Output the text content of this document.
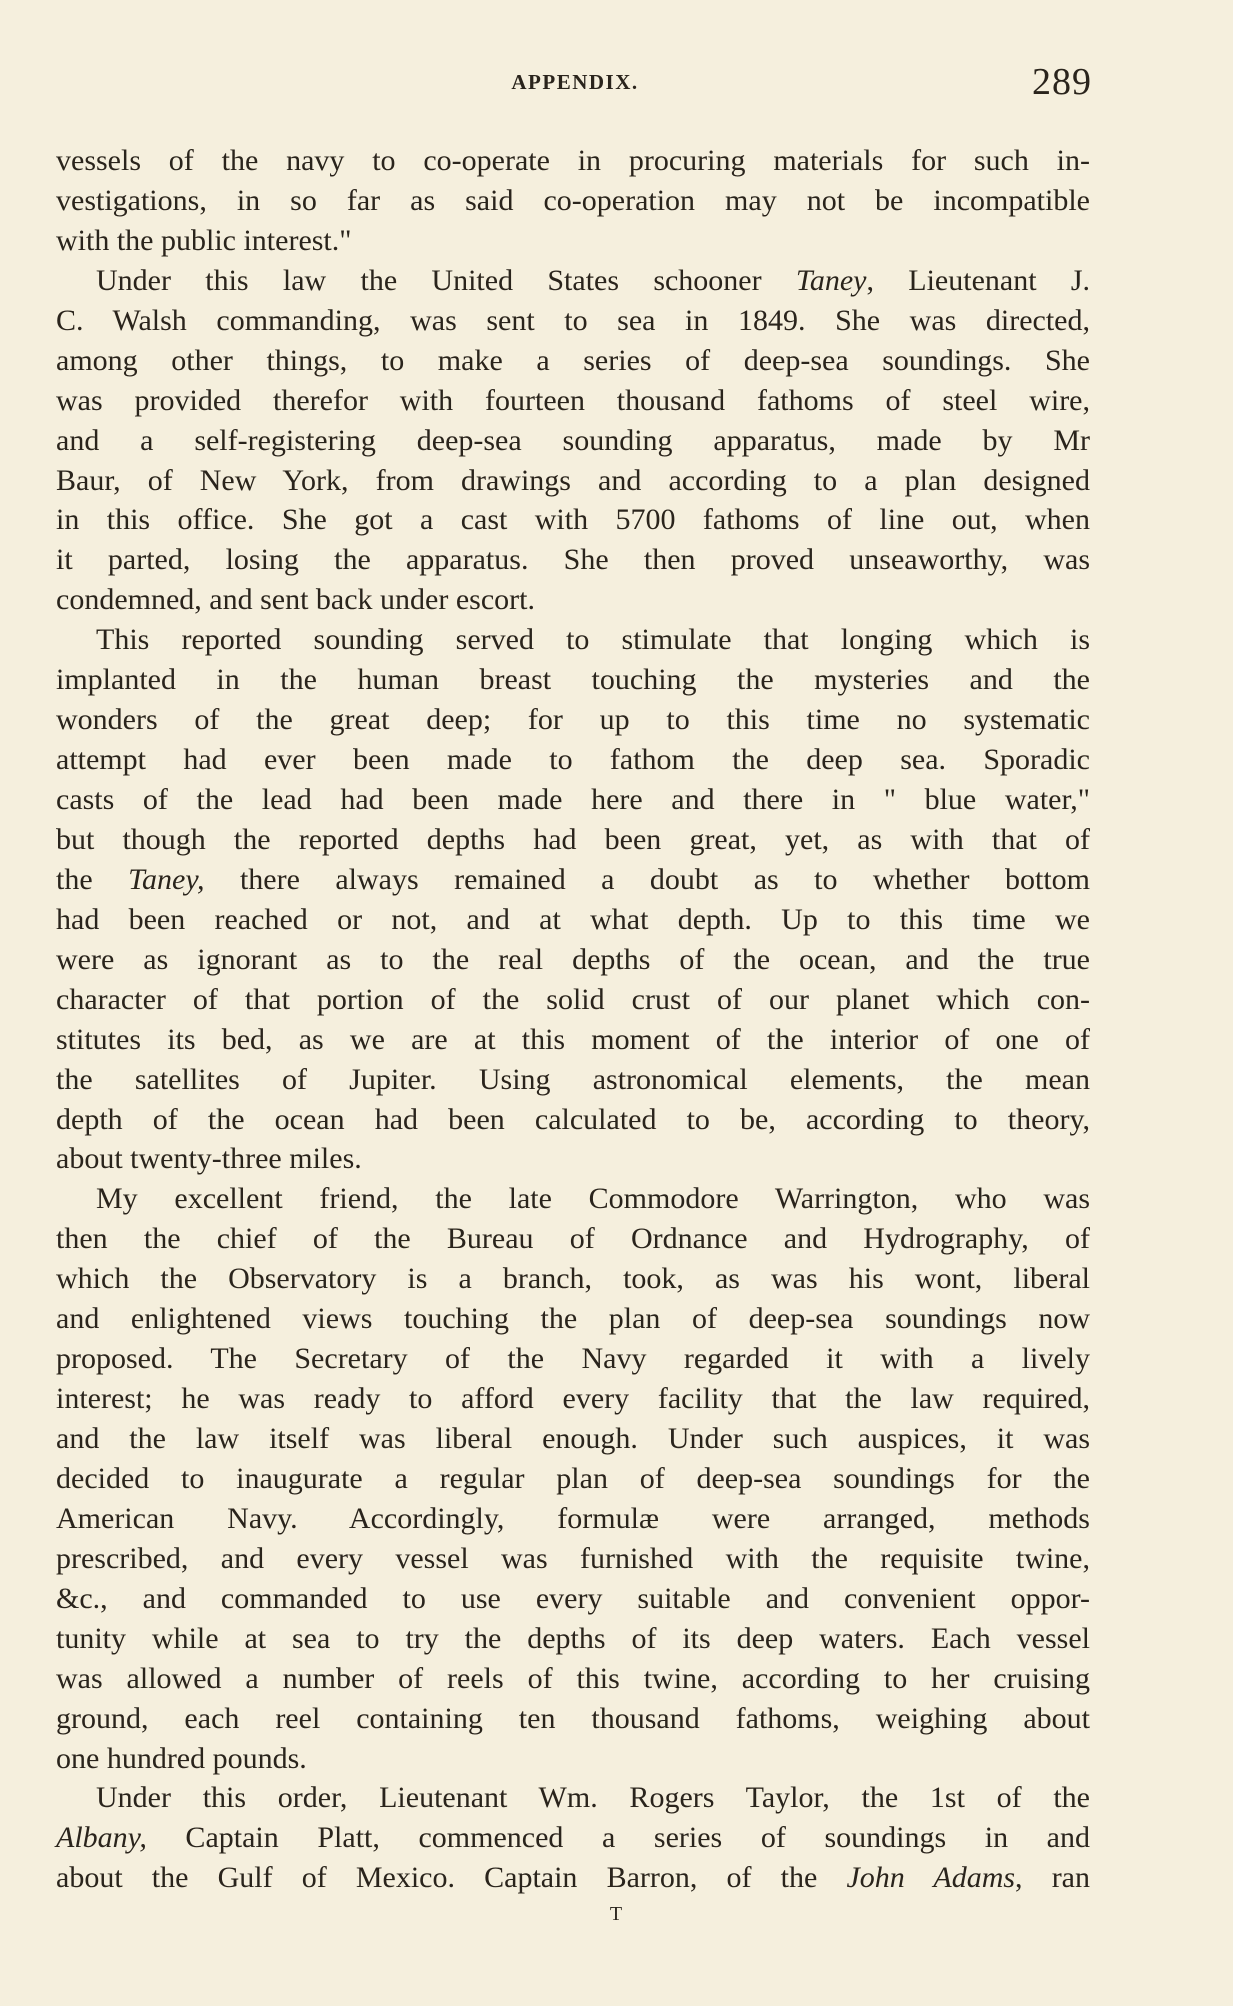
APPENDIX.	289
vessels of the navy to co-operate in procuring materials for such in-
vestigations, in so far as said co-operation may not be incompatible
with the public interest."
Under this law the United States schooner Taney, Lieutenant J.
C. Walsh commanding, was sent to sea in 1849. She was directed,
among other things, to make a series of deep-sea soundings. She
was provided therefor with fourteen thousand fathoms of steel wire,
and a self-registering deep-sea sounding apparatus, made by Mr
Baur, of New York, from drawings and according to a plan designed
in this office. She got a cast with 5700 fathoms of line out, when
it parted, losing the apparatus. She then proved unseaworthy, was
condemned, and sent back under escort.
This reported sounding served to stimulate that longing which is
implanted in the human breast touching the mysteries and the
wonders of the great deep; for up to this time no systematic
attempt had ever been made to fathom the deep sea. Sporadic
casts of the lead had been made here and there in " blue water,"
but though the reported depths had been great, yet, as with that of
the Taney, there always remained a doubt as to whether bottom
had been reached or not, and at what depth. Up to this time we
were as ignorant as to the real depths of the ocean, and the true
character of that portion of the solid crust of our planet which con-
stitutes its bed, as we are at this moment of the interior of one of
the satellites of Jupiter. Using astronomical elements, the mean
depth of the ocean had been calculated to be, according to theory,
about twenty-three miles.
My excellent friend, the late Commodore Warrington, who was
then the chief of the Bureau of Ordnance and Hydrography, of
which the Observatory is a branch, took, as was his wont, liberal
and enlightened views touching the plan of deep-sea soundings now
proposed. The Secretary of the Navy regarded it with a lively
interest; he was ready to afford every facility that the law required,
and the law itself was liberal enough. Under such auspices, it was
decided to inaugurate a regular plan of deep-sea soundings for the
American Navy. Accordingly, formulæ were arranged, methods
prescribed, and every vessel was furnished with the requisite twine,
&c., and commanded to use every suitable and convenient oppor-
tunity while at sea to try the depths of its deep waters. Each vessel
was allowed a number of reels of this twine, according to her cruising
ground, each reel containing ten thousand fathoms, weighing about
one hundred pounds.
Under this order, Lieutenant Wm. Rogers Taylor, the 1st of the
Albany, Captain Platt, commenced a series of soundings in and
about the Gulf of Mexico. Captain Barron, of the John Adams, ran
T
